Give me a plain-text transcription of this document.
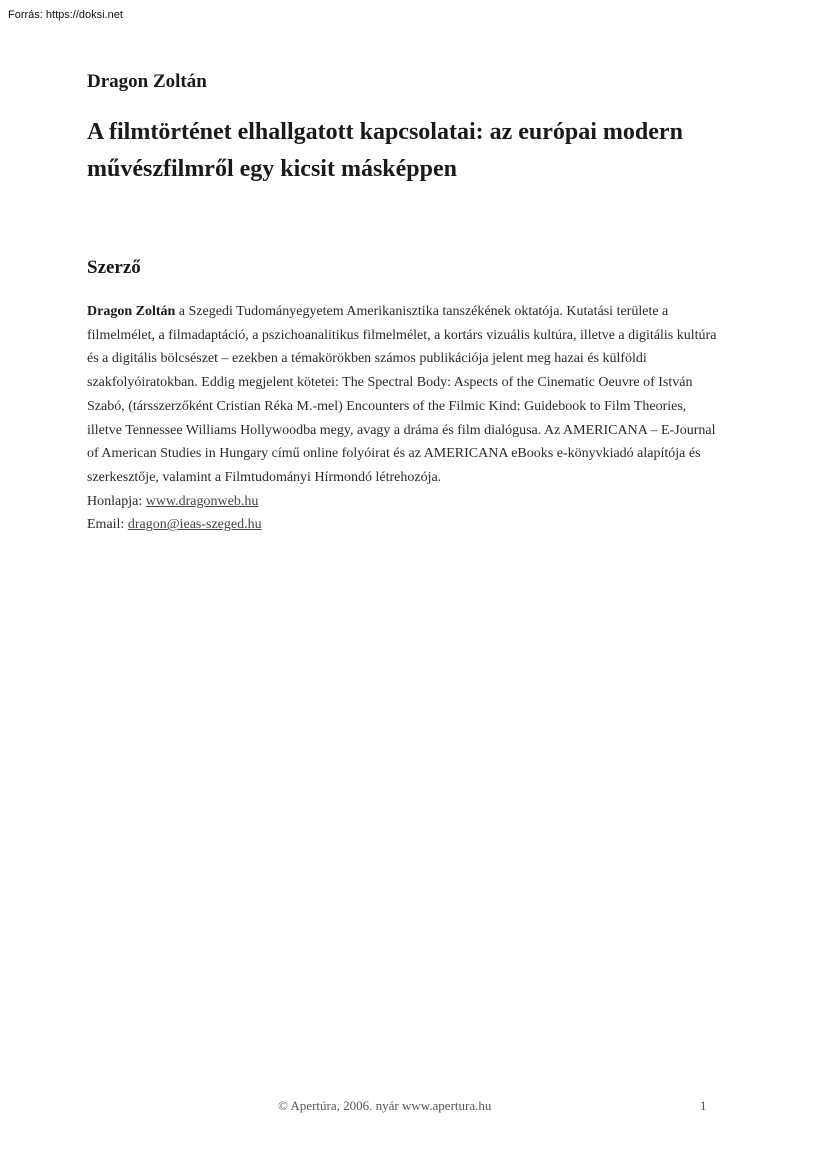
Forrás: https://doksi.net
Dragon Zoltán
A filmtörténet elhallgatott kapcsolatai: az európai modern művészfilmről egy kicsit másképpen
Szerző

Dragon Zoltán a Szegedi Tudományegyetem Amerikanisztika tanszékének oktatója. Kutatási területe a filmelmélet, a filmadaptáció, a pszichoanalitikus filmelmélet, a kortárs vizuális kultúra, illetve a digitális kultúra és a digitális bölcsészet – ezekben a témakörökben számos publikációja jelent meg hazai és külföldi szakfolyóiratokban. Eddig megjelent kötetei: The Spectral Body: Aspects of the Cinematic Oeuvre of István Szabó, (társszerzőként Cristian Réka M.-mel) Encounters of the Filmic Kind: Guidebook to Film Theories, illetve Tennessee Williams Hollywoodba megy, avagy a dráma és film dialógusa. Az AMERICANA – E-Journal of American Studies in Hungary című online folyóirat és az AMERICANA eBooks e-könyvkiadó alapítója és szerkesztője, valamint a Filmtudományi Hírmondó létrehozója.

Honlapja: www.dragonweb.hu
Email: dragon@ieas-szeged.hu
© Apertúra, 2006. nyár www.apertura.hu	1
